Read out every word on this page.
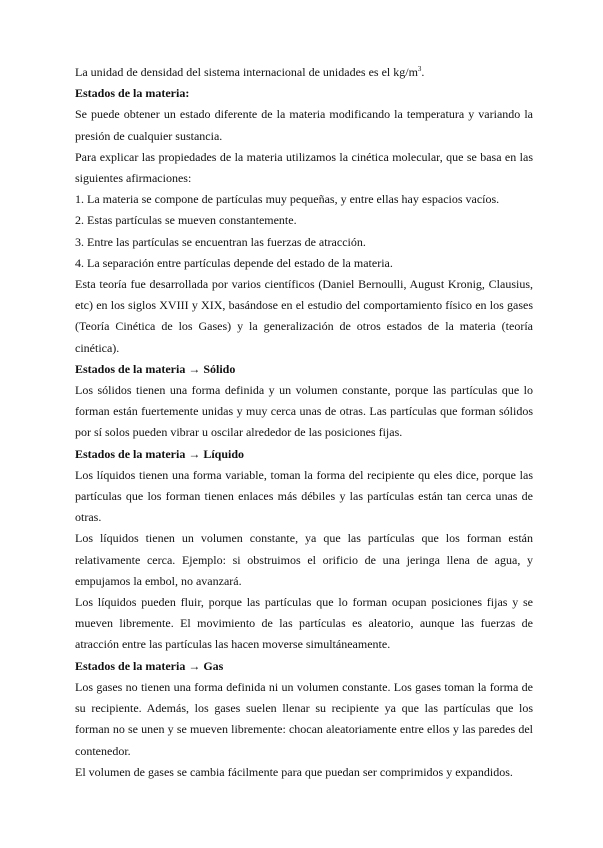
La unidad de densidad del sistema internacional de unidades es el $kg/m^3$.

Estados de la materia:

Se puede obtener un estado diferente de la materia modificando la temperatura y variando la presión de cualquier sustancia.

Para explicar las propiedades de la materia utilizamos la cinética molecular, que se basa en las siguientes afirmaciones:

1. La materia se compone de partículas muy pequeñas, y entre ellas hay espacios vacíos.

2. Estas partículas se mueven constantemente.

3. Entre las partículas se encuentran las fuerzas de atracción.

4. La separación entre partículas depende del estado de la materia.

Esta teoría fue desarrollada por varios científicos (Daniel Bernoulli, August Kronig, Clausius, etc) en los siglos XVIII y XIX, basándose en el estudio del comportamiento físico en los gases (Teoría Cinética de los Gases) y la generalización de otros estados de la materia (teoría cinética).

Estados de la materia → Sólido

Los sólidos tienen una forma definida y un volumen constante, porque las partículas que lo forman están fuertemente unidas y muy cerca unas de otras. Las partículas que forman sólidos por sí solos pueden vibrar u oscilar alrededor de las posiciones fijas.

Estados de la materia → Líquido

Los líquidos tienen una forma variable, toman la forma del recipiente qu eles dice, porque las partículas que los forman tienen enlaces más débiles y las partículas están tan cerca unas de otras.

Los líquidos tienen un volumen constante, ya que las partículas que los forman están relativamente cerca. Ejemplo: si obstruimos el orificio de una jeringa llena de agua, y empujamos la embol, no avanzará.

Los líquidos pueden fluir, porque las partículas que lo forman ocupan posiciones fijas y se mueven libremente. El movimiento de las partículas es aleatorio, aunque las fuerzas de atracción entre las partículas las hacen moverse simultáneamente.

Estados de la materia → Gas

Los gases no tienen una forma definida ni un volumen constante. Los gases toman la forma de su recipiente. Además, los gases suelen llenar su recipiente ya que las partículas que los forman no se unen y se mueven libremente: chocan aleatoriamente entre ellos y las paredes del contenedor.

El volumen de gases se cambia fácilmente para que puedan ser comprimidos y expandidos.
